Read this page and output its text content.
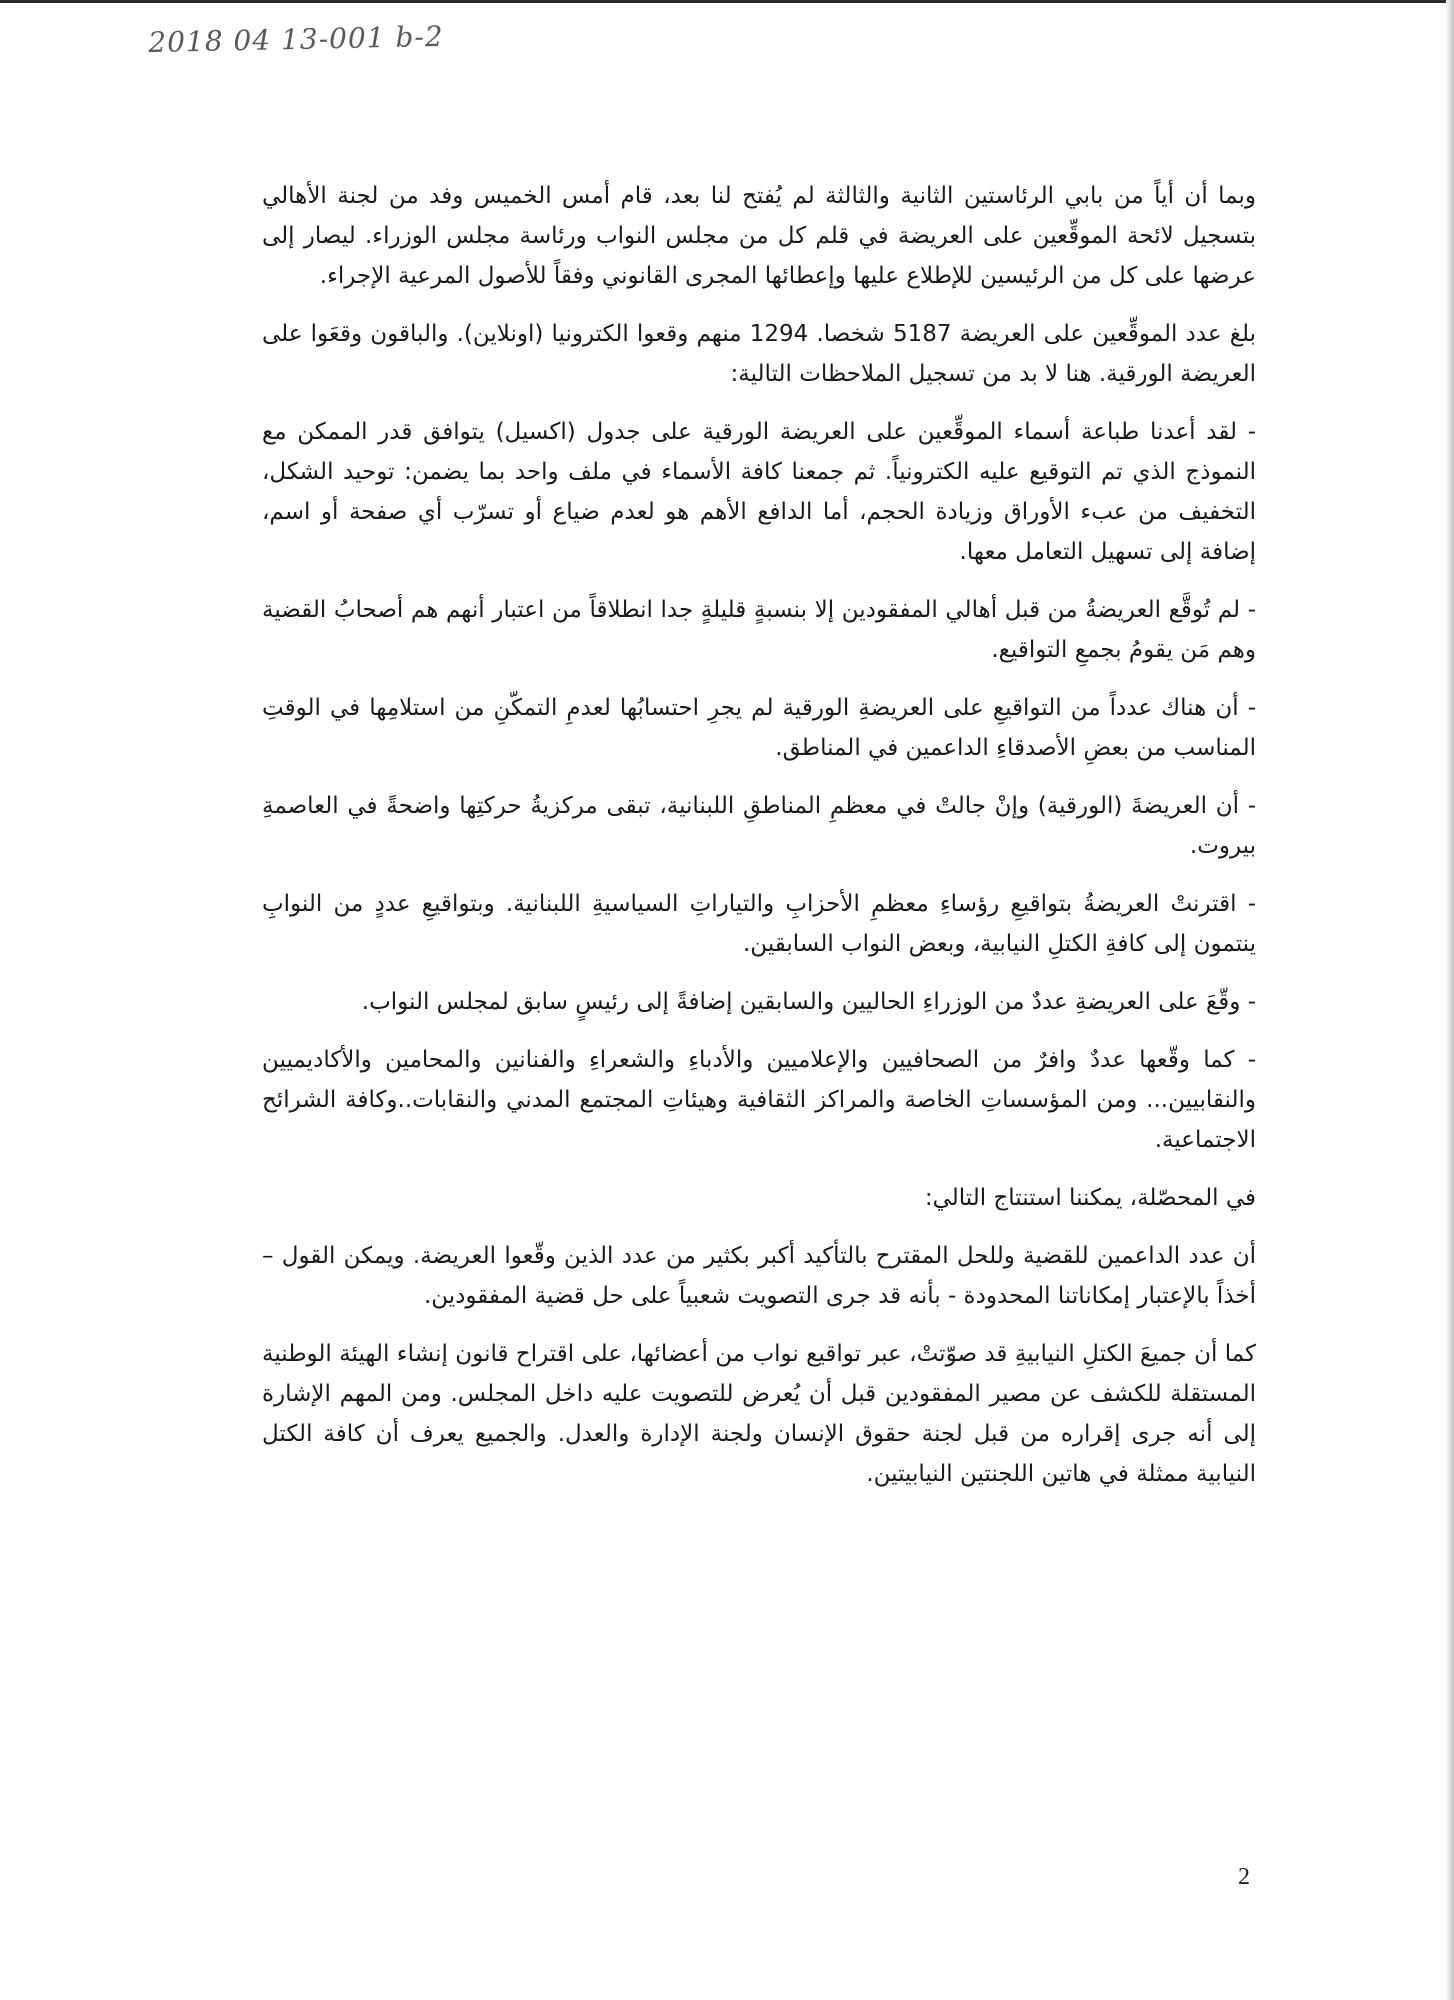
2018 04 13-001 b-2

وبما أن أياً من بابي الرئاستين الثانية والثالثة لم يُفتح لنا بعد، قام أمس الخميس وفد من لجنة الأهالي بتسجيل لائحة الموقِّعين على العريضة في قلم كل من مجلس النواب ورئاسة مجلس الوزراء. ليصار إلى عرضها على كل من الرئيسين للإطلاع عليها وإعطائها المجرى القانوني وفقاً للأصول المرعية الإجراء.

بلغ عدد الموقِّعين على العريضة 5187 شخصا. 1294 منهم وقعوا الكترونيا (اونلاين). والباقون وقعَوا على العريضة الورقية. هنا لا بد من تسجيل الملاحظات التالية:

- لقد أعدنا طباعة أسماء الموقِّعين على العريضة الورقية على جدول (اكسيل) يتوافق قدر الممكن مع النموذج الذي تم التوقيع عليه الكترونياً. ثم جمعنا كافة الأسماء في ملف واحد بما يضمن: توحيد الشكل، التخفيف من عبء الأوراق وزيادة الحجم، أما الدافع الأهم هو لعدم ضياع أو تسرّب أي صفحة أو اسم، إضافة إلى تسهيل التعامل معها.

- لم تُوقَّع العريضةُ من قبل أهالي المفقودين إلا بنسبةٍ قليلةٍ جدا انطلاقاً من اعتبار أنهم هم أصحابُ القضية وهم مَن يقومُ بجمعِ التواقيع.

- أن هناك عدداً من التواقيعِ على العريضةِ الورقية لم يجرِ احتسابُها لعدمِ التمكّنِ من استلامِها في الوقتِ المناسب من بعضِ الأصدقاءِ الداعمين في المناطق.

- أن العريضةَ (الورقية) وإنْ جالتْ في معظمِ المناطقِ اللبنانية، تبقى مركزيةُ حركتِها واضحةً في العاصمةِ بيروت.

- اقترنتْ العريضةُ بتواقيعِ رؤساءِ معظمِ الأحزابِ والتياراتِ السياسيةِ اللبنانية. وبتواقيعِ عددٍ من النوابِ ينتمون إلى كافةِ الكتلِ النيابية، وبعض النواب السابقين.

- وقّعَ على العريضةِ عددٌ من الوزراءِ الحاليين والسابقين إضافةً إلى رئيسٍ سابق لمجلس النواب.

- كما وقّعها عددٌ وافرٌ من الصحافيين والإعلاميين والأدباءِ والشعراءِ والفنانين والمحامين والأكاديميين والنقابيين... ومن المؤسساتِ الخاصة والمراكز الثقافية وهيئاتِ المجتمع المدني والنقابات..وكافة الشرائح الاجتماعية.

في المحصّلة، يمكننا استنتاج التالي:

أن عدد الداعمين للقضية وللحل المقترح بالتأكيد أكبر بكثير من عدد الذين وقّعوا العريضة. ويمكن القول – أخذاً بالإعتبار إمكاناتنا المحدودة - بأنه قد جرى التصويت شعبياً على حل قضية المفقودين.

كما أن جميعَ الكتلِ النيابيةِ قد صوّتتْ، عبر تواقيع نواب من أعضائها، على اقتراح قانون إنشاء الهيئة الوطنية المستقلة للكشف عن مصير المفقودين قبل أن يُعرض للتصويت عليه داخل المجلس. ومن المهم الإشارة إلى أنه جرى إقراره من قبل لجنة حقوق الإنسان ولجنة الإدارة والعدل. والجميع يعرف أن كافة الكتل النيابية ممثلة في هاتين اللجنتين النيابيتين.

2
